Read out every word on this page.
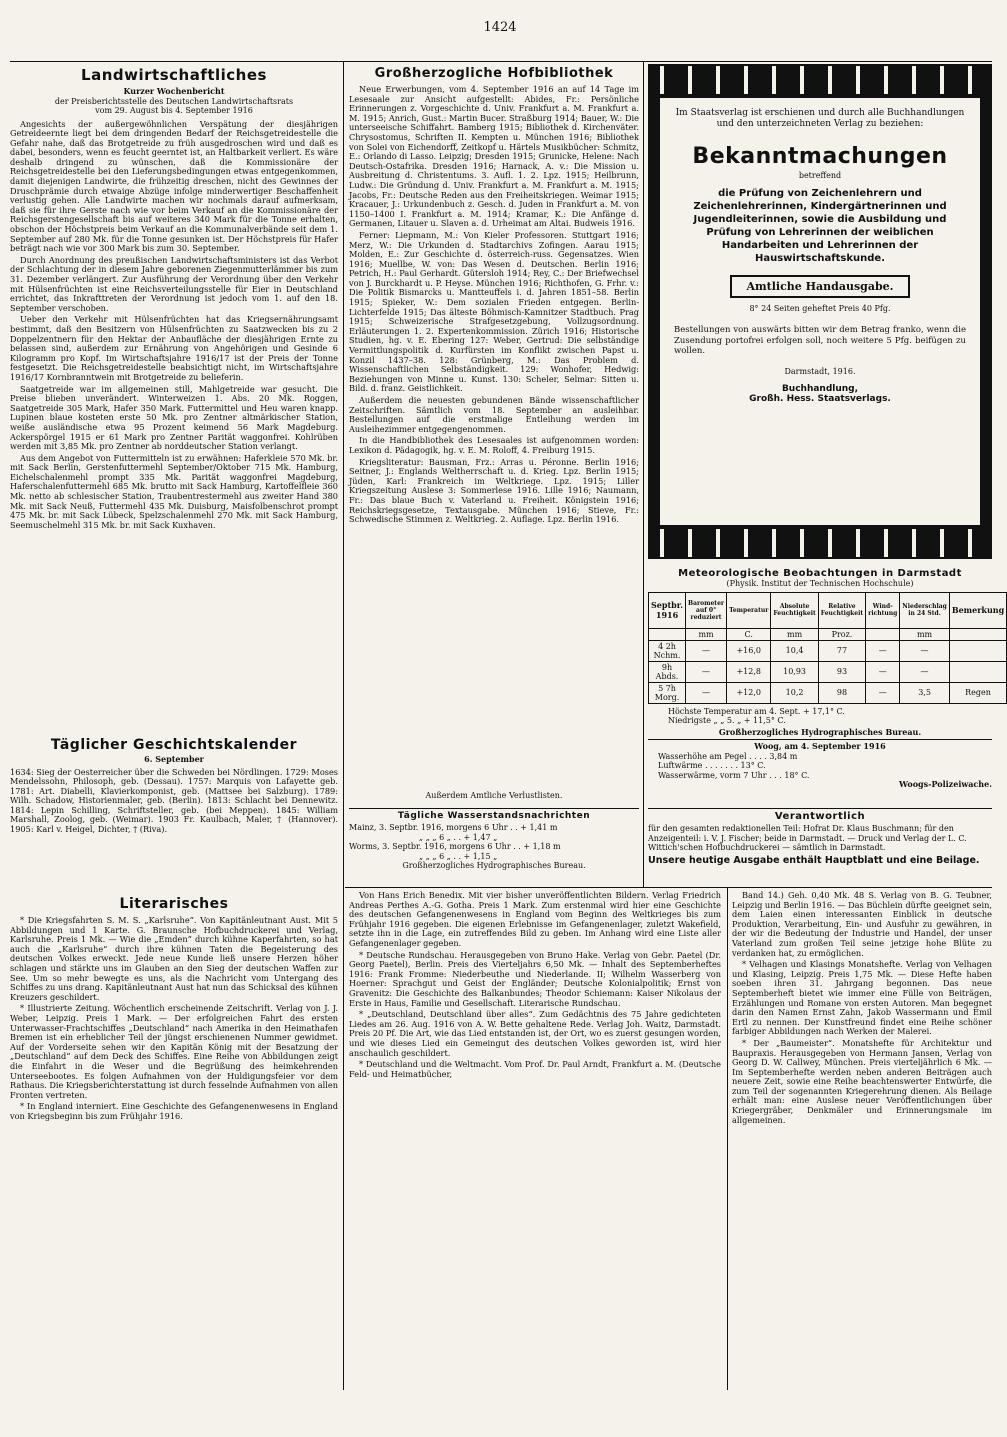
1424
Landwirtschaftliches
Kurzer Wochenbericht
der Preisberichtsstelle des Deutschen Landwirtschaftsrats
vom 29. August bis 4. September 1916

Angesichts der außergewöhnlichen Verspätung der diesjährigen Getreideernte liegt bei dem dringenden Bedarf der Reichsgetreidestelle die Gefahr nahe, daß das Brotgetreide zu früh ausgedroschen wird und daß es dabei, besonders, wenn es feucht geerntet ist, an Haltbarkeit verliert. Es wäre deshalb dringend zu wünschen, daß die Kommissionäre der Reichsgetreidestelle bei den Lieferungsbedingungen etwas entgegenkommen, damit diejenigen Landwirte, die frühzeitig dreschen, nicht des Gewinnes der Druschprämie durch etwaige Abzüge infolge minderwertiger Beschaffenheit verlustig gehen. Alle Landwirte machen wir nochmals darauf aufmerksam, daß sie für ihre Gerste nach wie vor beim Verkauf an die Kommissionäre der Reichsgerstengesellschaft bis auf weiteres 340 Mark für die Tonne erhalten, obschon der Höchstpreis beim Verkauf an die Kommunalverbände seit dem 1. September auf 280 Mk. für die Tonne gesunken ist. Der Höchstpreis für Hafer beträgt nach wie vor 300 Mark bis zum 30. September.

Durch Anordnung des preußischen Landwirtschaftsministers ist das Verbot der Schlachtung der in diesem Jahre geborenen Ziegenmutterlämmer bis zum 31. Dezember verlängert. Zur Ausführung der Verordnung über den Verkehr mit Hülsenfrüchten ist eine Reichsverteilungsstelle für Eier in Deutschland errichtet, das Inkrafttreten der Verordnung ist jedoch vom 1. auf den 18. September verschoben.

Ueber den Verkehr mit Hülsenfrüchten hat das Kriegsernährungsamt bestimmt, daß den Besitzern von Hülsenfrüchten zu Saatzwecken bis zu 2 Doppelzentnern für den Hektar der Anbaufläche der diesjährigen Ernte zu belassen sind, außerdem zur Ernährung von Angehörigen und Gesinde 6 Kilogramm pro Kopf. Im Wirtschaftsjahre 1916/17 ist der Preis der Tonne festgesetzt. Die Reichsgetreidestelle beabsichtigt nicht, im Wirtschaftsjahre 1916/17 Kornbranntwein mit Brotgetreide zu belieferin.

Saatgetreide war im allgemeinen still, Mahlgetreide war gesucht. Die Preise blieben unverändert. Winterweizen 1. Abs. 20 Mk. Roggen, Saatgetreide 305 Mark, Hafer 350 Mark. Futtermittel und Heu waren knapp. Lupinen blaue kosteten erste 50 Mk. pro Zentner altmärkischer Station, weiße ausländische etwa 95 Prozent keimend 56 Mark Magdeburg. Ackerspörgel 1915 er 61 Mark pro Zentner Parität waggonfrei. Kohlrüben werden mit 3,85 Mk. pro Zentner ab norddeutscher Station verlangt.

Aus dem Angebot von Futtermitteln ist zu erwähnen: Haferkleie 570 Mk. br. mit Sack Berlin, Gerstenfuttermehl September/Oktober 715 Mk. Hamburg, Eichelschalenmehl prompt 335 Mk. Parität waggonfrei Magdeburg, Haferschalenfuttermehl 685 Mk. brutto mit Sack Hamburg, Kartoffelfleie 360 Mk. netto ab schlesischer Station, Traubentrestermehl aus zweiter Hand 380 Mk. mit Sack Neuß, Futtermehl 435 Mk. Duisburg, Maisfolbenschrot prompt 475 Mk. br. mit Sack Lübeck, Spelzschalenmehl 270 Mk. mit Sack Hamburg, Seemuschelmehl 315 Mk. br. mit Sack Kuxhaven.

Täglicher Geschichtskalender
6. September
1634: Sieg der Oesterreicher über die Schweden bei Nördlingen. 1729: Moses Mendelssohn, Philosoph, geb. (Dessau). 1757: Marquis von Lafayette geb. 1781: Art. Diabelli, Klavierkomponist, geb. (Mattsee bei Salzburg). 1789: Wilh. Schadow, Historienmaler, geb. (Berlin). 1813: Schlacht bei Dennewitz. 1814: Lepin Schilling, Schriftsteller, geb. (bei Meppen). 1845: William Marshall, Zoolog, geb. (Weimar). 1903 Fr. Kaulbach, Maler, † (Hannover). 1905: Karl v. Heigel, Dichter, † (Riva).
Literarisches

* Die Kriegsfahrten S. M. S. „Karlsruhe“. Von Kapitänleutnant Aust. Mit 5 Abbildungen und 1 Karte. G. Braunsche Hofbuchdruckerei und Verlag, Karlsruhe. Preis 1 Mk. — Wie die „Emden“ durch kühne Kaperfahrten, so hat auch die „Karlsruhe“ durch ihre kühnen Taten die Begeisterung des deutschen Volkes erweckt. Jede neue Kunde ließ unsere Herzen höher schlagen und stärkte uns im Glauben an den Sieg der deutschen Waffen zur See. Um so mehr bewegte es uns, als die Nachricht vom Untergang des Schiffes zu uns drang. Kapitänleutnant Aust hat nun das Schicksal des kühnen Kreuzers geschildert.

* Illustrierte Zeitung. Wöchentlich erscheinende Zeitschrift. Verlag von J. J. Weber, Leipzig. Preis 1 Mark. — Der erfolgreichen Fahrt des ersten Unterwasser-Frachtschiffes „Deutschland“ nach Amerika in den Heimathafen Bremen ist ein erheblicher Teil der jüngst erschienenen Nummer gewidmet. Auf der Vorderseite sehen wir den Kapitän König mit der Besatzung der „Deutschland“ auf dem Deck des Schiffes. Eine Reihe von Abbildungen zeigt die Einfahrt in die Weser und die Begrüßung des heimkehrenden Unterseebootes. Es folgen Aufnahmen von der Huldigungsfeier vor dem Rathaus. Die Kriegsberichterstattung ist durch fesselnde Aufnahmen von allen Fronten vertreten.

* In England interniert. Eine Geschichte des Gefangenenwesens in England von Kriegsbeginn bis zum Frühjahr 1916.

Großherzogliche Hofbibliothek

Neue Erwerbungen, vom 4. September 1916 an auf 14 Tage im Lesesaale zur Ansicht aufgestellt: Abides, Fr.: Persönliche Erinnerungen z. Vorgeschichte d. Univ. Frankfurt a. M. Frankfurt a. M. 1915; Anrich, Gust.: Martin Bucer. Straßburg 1914; Bauer, W.: Die unterseeische Schiffahrt. Bamberg 1915; Bibliothek d. Kirchenväter. Chrysostomus, Schriften II. Kempten u. München 1916; Bibliothek von Solei von Eichendorff, Zeitkopf u. Härtels Musikbücher: Schmitz, E.: Orlando di Lasso. Leipzig; Dresden 1915; Grunicke, Helene: Nach Deutsch-Ostafrika. Dresden 1916; Harnack, A. v.: Die Mission u. Ausbreitung d. Christentums. 3. Aufl. 1. 2. Lpz. 1915; Heilbrunn, Ludw.: Die Gründung d. Univ. Frankfurt a. M. Frankfurt a. M. 1915; Jacobs, Fr.: Deutsche Reden aus den Freiheitskriegen. Weimar 1915; Kracauer, J.: Urkundenbuch z. Gesch. d. Juden in Frankfurt a. M. von 1150–1400 I. Frankfurt a. M. 1914; Kramar, K.: Die Anfänge d. Germanen, Litauer u. Slaven a. d. Urheimat am Altai. Budweis 1916.

Ferner: Liepmann, M.: Von Kieler Professoren. Stuttgart 1916; Merz, W.: Die Urkunden d. Stadtarchivs Zofingen. Aarau 1915; Molden, E.: Zur Geschichte d. österreich-russ. Gegensatzes. Wien 1916; Muellbe, W. von: Das Wesen d. Deutschen. Berlin 1916; Petrich, H.: Paul Gerhardt. Gütersloh 1914; Rey, C.: Der Briefwechsel von J. Burckhardt u. P. Heyse. München 1916; Richthofen, G. Frhr. v.: Die Politik Bismarcks u. Mantteuffels i. d. Jahren 1851–58. Berlin 1915; Spieker, W.: Dem sozialen Frieden entgegen. Berlin-Lichterfelde 1915; Das älteste Böhmisch-Kamnitzer Stadtbuch. Prag 1915; Schweizerische Strafgesetzgebung, Vollzugsordnung. Erläuterungen 1. 2. Expertenkommission. Zürich 1916; Historische Studien, hg. v. E. Ebering 127: Weber, Gertrud: Die selbständige Vermittlungspolitik d. Kurfürsten im Konflikt zwischen Papst u. Konzil 1437–38. 128: Grünberg, M.: Das Problem d. Wissenschaftlichen Selbständigkeit. 129: Wonhofer, Hedwig: Beziehungen von Minne u. Kunst. 130: Scheler, Selmar: Sitten u. Bild. d. franz. Geistlichkeit.

Außerdem die neuesten gebundenen Bände wissenschaftlicher Zeitschriften. Sämtlich vom 18. September an ausleihbar. Bestellungen auf die erstmalige Entleihung werden im Ausleihezimmer entgegengenommen.

In die Handbibliothek des Lesesaales ist aufgenommen worden: Lexikon d. Pädagogik, hg. v. E. M. Roloff, 4. Freiburg 1915.

Kriegsliteratur: Bausman, Frz.: Arras u. Péronne. Berlin 1916; Seitner, J.: Englands Weltherrschaft u. d. Krieg. Lpz. Berlin 1915; Jüden, Karl: Frankreich im Weltkriege. Lpz. 1915; Liller Kriegszeitung Auslese 3: Sommerlese 1916. Lille 1916; Naumann, Fr.: Das blaue Buch v. Vaterland u. Freiheit. Königstein 1916; Reichskriegsgesetze, Textausgabe. München 1916; Stieve, Fr.: Schwedische Stimmen z. Weltkrieg. 2. Auflage. Lpz. Berlin 1916.

Außerdem Amtliche Verlustlisten.
Tägliche Wasserstandsnachrichten
Mainz, 3. Septbr. 1916, morgens 6 Uhr . . + 1,41 m
„ „ „ 6 „ . . + 1,47 „
Worms, 3. Septbr. 1916, morgens 6 Uhr . . + 1,18 m
„ „ „ 6 „ . . + 1,15 „
Großherzogliches Hydrographisches Bureau.
Im Staatsverlag ist erschienen und durch alle Buchhandlungen und den unterzeichneten Verlag zu beziehen:
Bekanntmachungen
betreffend
die Prüfung von Zeichenlehrern und Zeichenlehrerinnen, Kindergärtnerinnen und Jugendleiterinnen, sowie die Ausbildung und Prüfung von Lehrerinnen der weiblichen Handarbeiten und Lehrerinnen der Hauswirtschaftskunde.
Amtliche Handausgabe.
8° 24 Seiten geheftet Preis 40 Pfg.
Bestellungen von auswärts bitten wir dem Betrag franko, wenn die Zusendung portofrei erfolgen soll, noch weitere 5 Pfg. beifügen zu wollen.
Darmstadt, 1916.
Buchhandlung,
Großh. Hess. Staatsverlags.
Meteorologische Beobachtungen in Darmstadt
(Physik. Institut der Technischen Hochschule)
Septbr. 1916	Barometer auf 0° reduziert	Temperatur	Absolute Feuchtigkeit	Relative Feuchtigkeit	Wind-richtung	Niederschlag in 24 Std.	Bemerkung
	mm	C.	mm	Proz.		mm	
4 2h Nchm.	—	+16,0	10,4	77	—	—	
9h Abds.	—	+12,8	10,93	93	—	—	
5 7h Morg.	—	+12,0	10,2	98	—	3,5	Regen
Höchste Temperatur am 4. Sept. + 17,1° C.
Niedrigste „ „ 5. „ + 11,5° C.
Großherzogliches Hydrographisches Bureau.
Woog, am 4. September 1916
Wasserhöhe am Pegel . . . . 3,84 m
Luftwärme . . . . . . . 13° C.
Wasserwärme, vorm 7 Uhr . . . 18° C.
Woogs-Polizeiwache.
Verantwortlich
für den gesamten redaktionellen Teil: Hofrat Dr. Klaus Buschmann; für den Anzeigenteil: i. V. J. Fischer; beide in Darmstadt. — Druck und Verlag der L. C. Wittich'schen Hofbuchdruckerei — sämtlich in Darmstadt.
Unsere heutige Ausgabe enthält Hauptblatt und eine Beilage.

Von Hans Erich Benedix. Mit vier bisher unveröffentlichten Bildern. Verlag Friedrich Andreas Perthes A.-G. Gotha. Preis 1 Mark. Zum erstenmal wird hier eine Geschichte des deutschen Gefangenenwesens in England vom Beginn des Weltkrieges bis zum Frühjahr 1916 gegeben. Die eigenen Erlebnisse im Gefangenenlager, zuletzt Wakefield, setzte ihn in die Lage, ein zutreffendes Bild zu geben. Im Anhang wird eine Liste aller Gefangenenlager gegeben.

* Deutsche Rundschau. Herausgegeben von Bruno Hake. Verlag von Gebr. Paetel (Dr. Georg Paetel), Berlin. Preis des Vierteljahrs 6,50 Mk. — Inhalt des Septemberheftes 1916: Frank Fromme: Niederbeuthe und Niederlande. II; Wilhelm Wasserberg von Hoerner: Sprachgut und Geist der Engländer; Deutsche Kolonialpolitik; Ernst von Gravenitz: Die Geschichte des Balkanbundes; Theodor Schiemann: Kaiser Nikolaus der Erste in Haus, Familie und Gesellschaft. Literarische Rundschau.

* „Deutschland, Deutschland über alles“. Zum Gedächtnis des 75 Jahre gedichteten Liedes am 26. Aug. 1916 von A. W. Bette gehaltene Rede. Verlag Joh. Waitz, Darmstadt. Preis 20 Pf. Die Art, wie das Lied entstanden ist, der Ort, wo es zuerst gesungen worden, und wie dieses Lied ein Gemeingut des deutschen Volkes geworden ist, wird hier anschaulich geschildert.

* Deutschland und die Weltmacht. Vom Prof. Dr. Paul Arndt, Frankfurt a. M. (Deutsche Feld- und Heimatbücher,

Band 14.) Geh. 0,40 Mk. 48 S. Verlag von B. G. Teubner, Leipzig und Berlin 1916. — Das Büchlein dürfte geeignet sein, dem Laien einen interessanten Einblick in deutsche Produktion, Verarbeitung, Ein- und Ausfuhr zu gewähren, in der wir die Bedeutung der Industrie und Handel, der unser Vaterland zum großen Teil seine jetzige hohe Blüte zu verdanken hat, zu ermöglichen.

* Velhagen und Klasings Monatshefte. Verlag von Velhagen und Klasing, Leipzig. Preis 1,75 Mk. — Diese Hefte haben soeben ihren 31. Jahrgang begonnen. Das neue Septemberheft bietet wie immer eine Fülle von Beiträgen, Erzählungen und Romane von ersten Autoren. Man begegnet darin den Namen Ernst Zahn, Jakob Wassermann und Emil Ertl zu nennen. Der Kunstfreund findet eine Reihe schöner farbiger Abbildungen nach Werken der Malerei.

* Der „Baumeister“. Monatshefte für Architektur und Baupraxis. Herausgegeben von Hermann Jansen, Verlag von Georg D. W. Callwey, München. Preis vierteljährlich 6 Mk. — Im Septemberhefte werden neben anderen Beiträgen auch neuere Zeit, sowie eine Reihe beachtenswerter Entwürfe, die zum Teil der sogenannten Kriegerehrung dienen. Als Beilage erhält man: eine Auslese neuer Veröffentlichungen über Kriegergräber, Denkmäler und Erinnerungsmale im allgemeinen.
